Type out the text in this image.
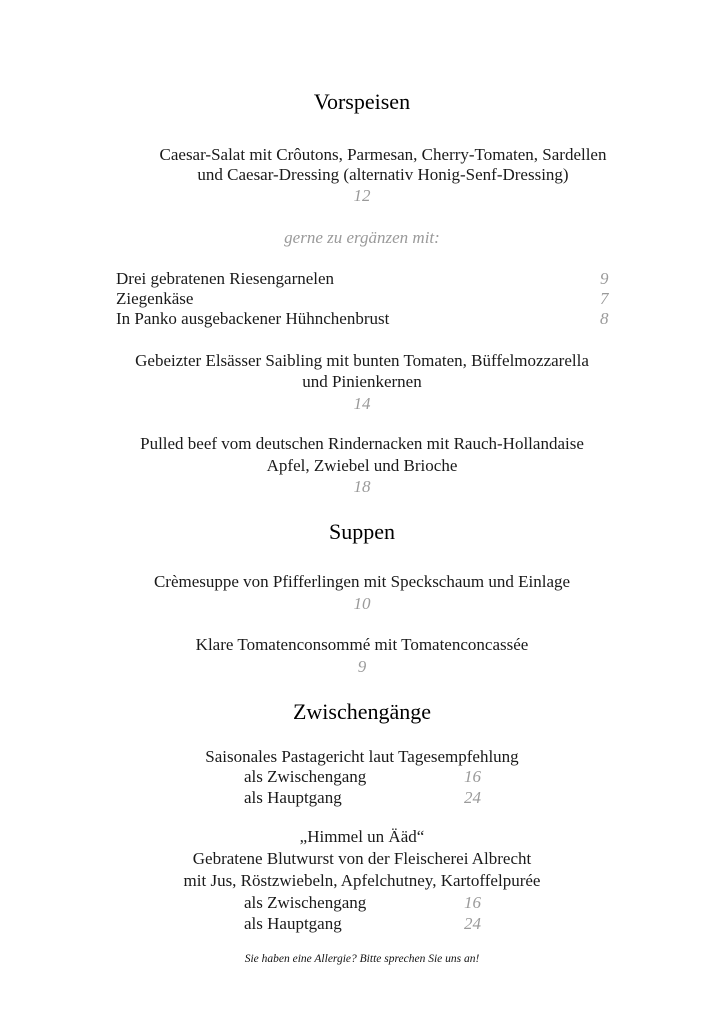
Vorspeisen
Caesar-Salat mit Crôutons, Parmesan, Cherry-Tomaten, Sardellen
und Caesar-Dressing (alternativ Honig-Senf-Dressing)
12
gerne zu ergänzen mit:
Drei gebratenen Riesengarnelen	9
Ziegenkäse	7
In Panko ausgebackener Hühnchenbrust	8
Gebeizter Elsässer Saibling mit bunten Tomaten, Büffelmozzarella
und Pinienkernen
14
Pulled beef vom deutschen Rindernacken mit Rauch-Hollandaise
Apfel, Zwiebel und Brioche
18
Suppen
Crèmesuppe von Pfifferlingen mit Speckschaum und Einlage
10
Klare Tomatenconsommé mit Tomatenconcassée
9
Zwischengänge
Saisonales Pastagericht laut Tagesempfehlung
als Zwischengang	16
als Hauptgang	24
„Himmel un Ääd“
Gebratene Blutwurst von der Fleischerei Albrecht
mit Jus, Röstzwiebeln, Apfelchutney, Kartoffelpurée
als Zwischengang	16
als Hauptgang	24
Sie haben eine Allergie? Bitte sprechen Sie uns an!
